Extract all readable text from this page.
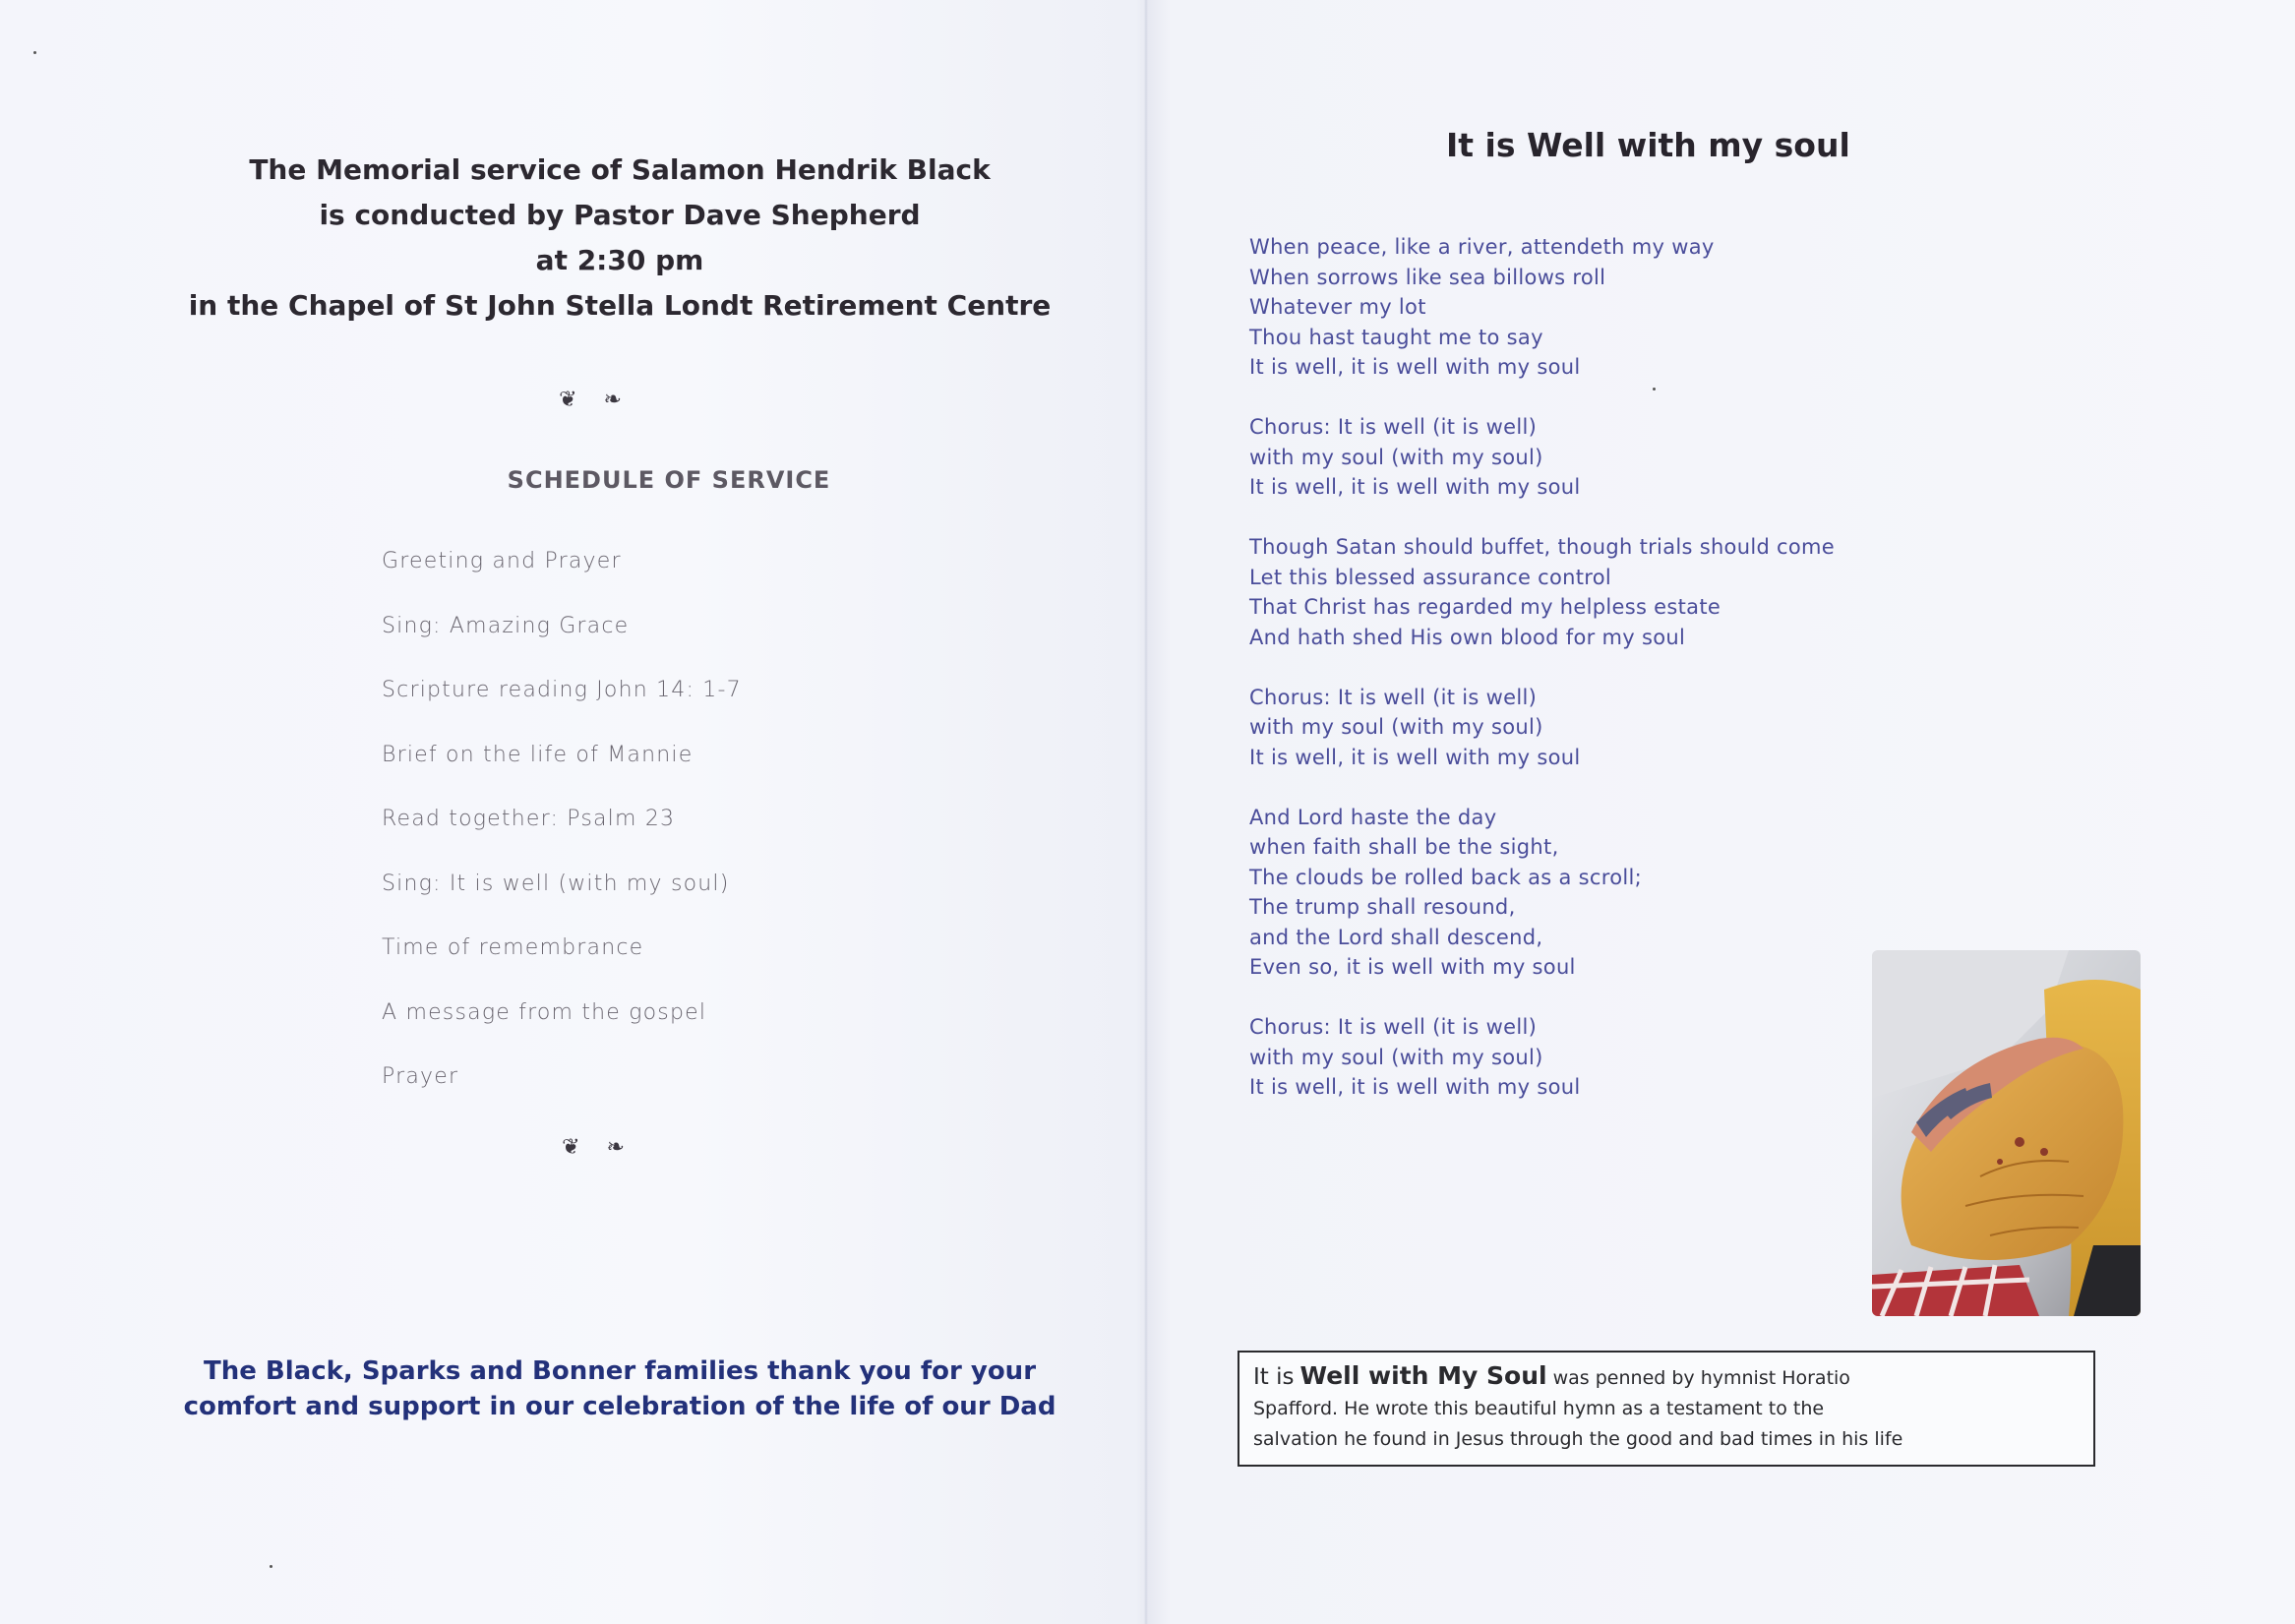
The Memorial service of Salamon Hendrik Black
is conducted by Pastor Dave Shepherd
at 2:30 pm
in the Chapel of St John Stella Londt Retirement Centre
❦ ❧
SCHEDULE OF SERVICE
Greeting and Prayer
Sing: Amazing Grace
Scripture reading John 14: 1-7
Brief on the life of Mannie
Read together: Psalm 23
Sing: It is well (with my soul)
Time of remembrance
A message from the gospel
Prayer
❦ ❧
The Black, Sparks and Bonner families thank you for your
comfort and support in our celebration of the life of our Dad
It is Well with my soul
When peace, like a river, attendeth my way
When sorrows like sea billows roll
Whatever my lot
Thou hast taught me to say
It is well, it is well with my soul
Chorus: It is well (it is well)
with my soul (with my soul)
It is well, it is well with my soul
Though Satan should buffet, though trials should come
Let this blessed assurance control
That Christ has regarded my helpless estate
And hath shed His own blood for my soul
Chorus: It is well (it is well)
with my soul (with my soul)
It is well, it is well with my soul
And Lord haste the day
when faith shall be the sight,
The clouds be rolled back as a scroll;
The trump shall resound,
and the Lord shall descend,
Even so, it is well with my soul
Chorus: It is well (it is well)
with my soul (with my soul)
It is well, it is well with my soul
It is Well with My Soul was penned by hymnist Horatio
Spafford. He wrote this beautiful hymn as a testament to the
salvation he found in Jesus through the good and bad times in his life
